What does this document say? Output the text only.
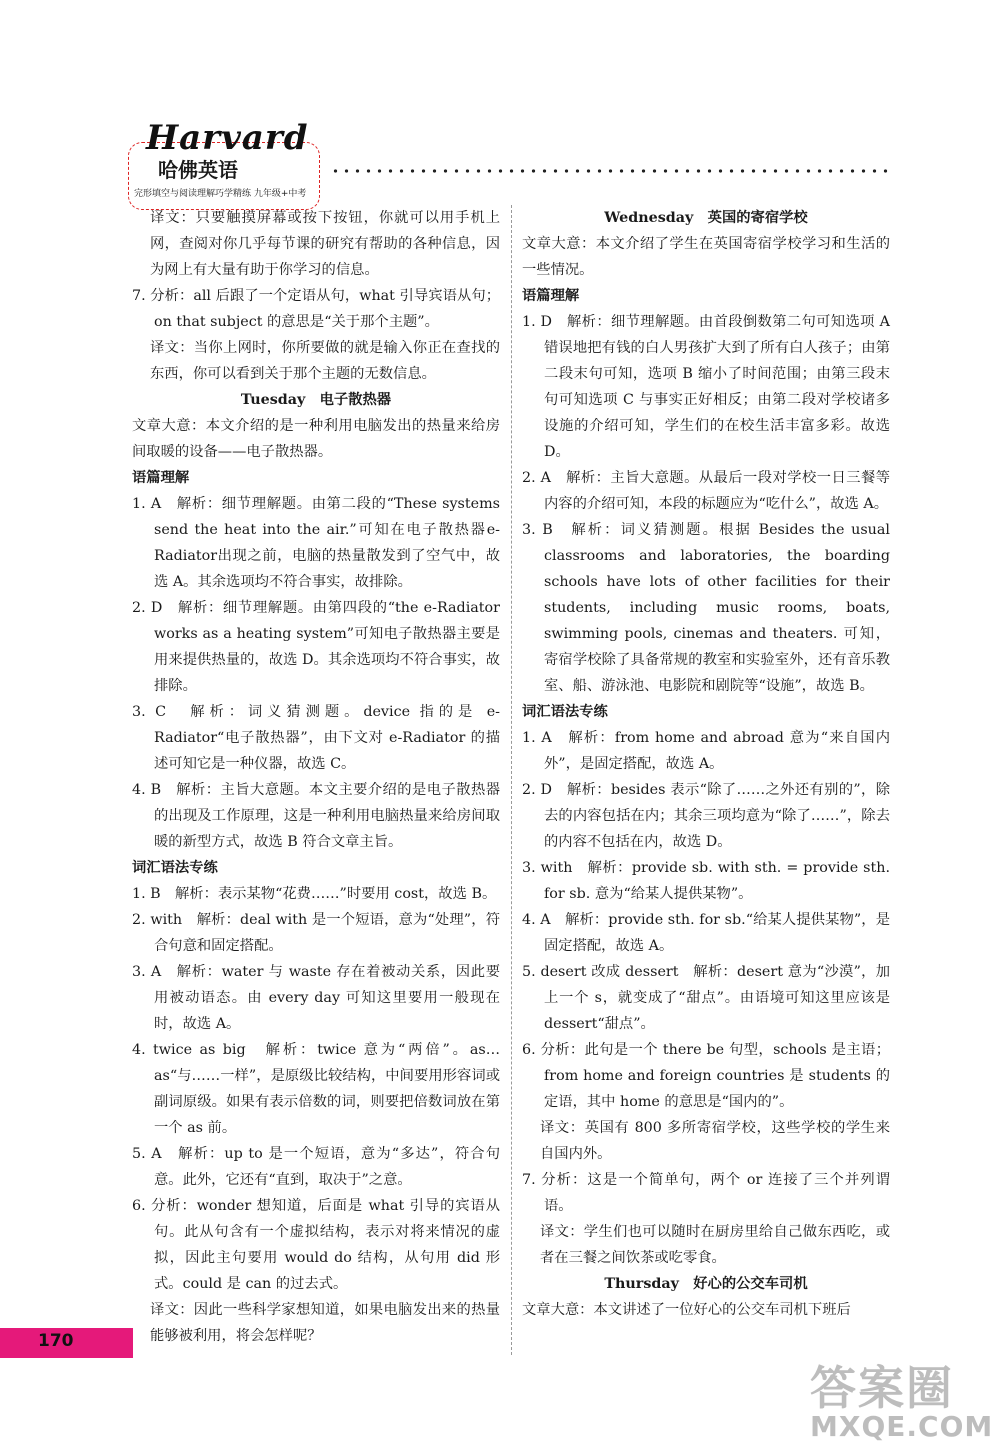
Harvard
哈佛英语
完形填空与阅读理解巧学精练 九年级+中考

译文：只要触摸屏幕或按下按钮，你就可以用手机上网，查阅对你几乎每节课的研究有帮助的各种信息，因为网上有大量有助于你学习的信息。

7. 分析：all 后跟了一个定语从句，what 引导宾语从句；on that subject 的意思是“关于那个主题”。

译文：当你上网时，你所要做的就是输入你正在查找的东西，你可以看到关于那个主题的无数信息。

Tuesday　电子散热器

文章大意：本文介绍的是一种利用电脑发出的热量来给房间取暖的设备——电子散热器。

语篇理解

1. A　解析：细节理解题。由第二段的“These systems send the heat into the air.”可知在电子散热器e-Radiator出现之前，电脑的热量散发到了空气中，故选 A。其余选项均不符合事实，故排除。

2. D　解析：细节理解题。由第四段的“the e-Radiator works as a heating system”可知电子散热器主要是用来提供热量的，故选 D。其余选项均不符合事实，故排除。

3. C　解析：词义猜测题。device 指的是 e-Radiator“电子散热器”，由下文对 e-Radiator 的描述可知它是一种仪器，故选 C。

4. B　解析：主旨大意题。本文主要介绍的是电子散热器的出现及工作原理，这是一种利用电脑热量来给房间取暖的新型方式，故选 B 符合文章主旨。

词汇语法专练

1. B　解析：表示某物“花费……”时要用 cost，故选 B。

2. with　解析：deal with 是一个短语，意为“处理”，符合句意和固定搭配。

3. A　解析：water 与 waste 存在着被动关系，因此要用被动语态。由 every day 可知这里要用一般现在时，故选 A。

4. twice as big　解析：twice 意为“两倍”。as…as“与……一样”，是原级比较结构，中间要用形容词或副词原级。如果有表示倍数的词，则要把倍数词放在第一个 as 前。

5. A　解析：up to 是一个短语，意为“多达”，符合句意。此外，它还有“直到，取决于”之意。

6. 分析：wonder 想知道，后面是 what 引导的宾语从句。此从句含有一个虚拟结构，表示对将来情况的虚拟，因此主句要用 would do 结构，从句用 did 形式。could 是 can 的过去式。

译文：因此一些科学家想知道，如果电脑发出来的热量能够被利用，将会怎样呢？

Wednesday　英国的寄宿学校

文章大意：本文介绍了学生在英国寄宿学校学习和生活的一些情况。

语篇理解

1. D　解析：细节理解题。由首段倒数第二句可知选项 A 错误地把有钱的白人男孩扩大到了所有白人孩子；由第二段末句可知，选项 B 缩小了时间范围；由第三段末句可知选项 C 与事实正好相反；由第二段对学校诸多设施的介绍可知，学生们的在校生活丰富多彩。故选 D。

2. A　解析：主旨大意题。从最后一段对学校一日三餐等内容的介绍可知，本段的标题应为“吃什么”，故选 A。

3. B　解析：词义猜测题。根据 Besides the usual classrooms and laboratories, the boarding schools have lots of other facilities for their students, including music rooms, boats, swimming pools, cinemas and theaters. 可知，寄宿学校除了具备常规的教室和实验室外，还有音乐教室、船、游泳池、电影院和剧院等“设施”，故选 B。

词汇语法专练

1. A　解析：from home and abroad 意为“来自国内外”，是固定搭配，故选 A。

2. D　解析：besides 表示“除了……之外还有别的”，除去的内容包括在内；其余三项均意为“除了……”，除去的内容不包括在内，故选 D。

3. with　解析：provide sb. with sth. = provide sth. for sb. 意为“给某人提供某物”。

4. A　解析：provide sth. for sb.“给某人提供某物”，是固定搭配，故选 A。

5. desert 改成 dessert　解析：desert 意为“沙漠”，加上一个 s，就变成了“甜点”。由语境可知这里应该是 dessert“甜点”。

6. 分析：此句是一个 there be 句型，schools 是主语；from home and foreign countries 是 students 的定语，其中 home 的意思是“国内的”。

译文：英国有 800 多所寄宿学校，这些学校的学生来自国内外。

7. 分析：这是一个简单句，两个 or 连接了三个并列谓语。

译文：学生们也可以随时在厨房里给自己做东西吃，或者在三餐之间饮茶或吃零食。

Thursday　好心的公交车司机

文章大意：本文讲述了一位好心的公交车司机下班后

170
答案圈
MXQE.COM
